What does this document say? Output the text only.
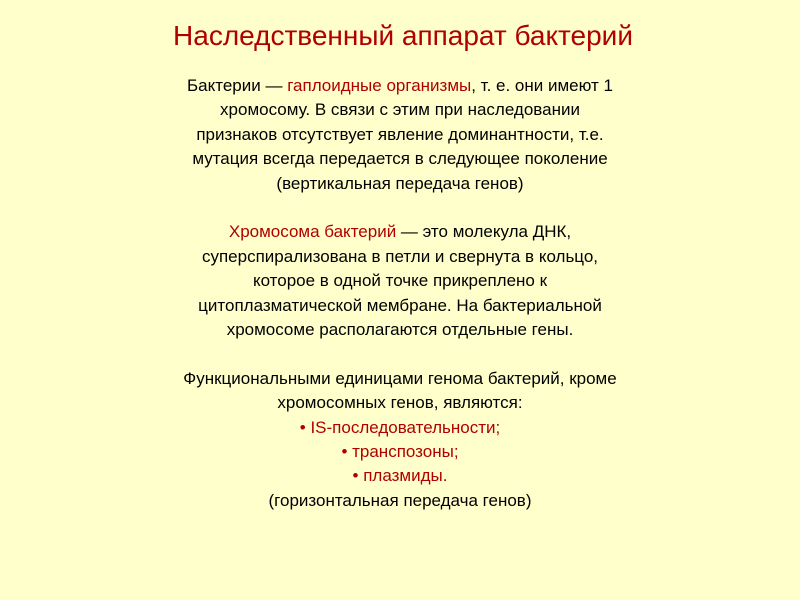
Наследственный аппарат бактерий
Бактерии — гаплоидные организмы, т. е. они имеют 1
хромосому. В связи с этим при наследовании
признаков отсутствует явление доминантности, т.е.
мутация всегда передается в следующее поколение
(вертикальная передача генов)
Хромосома бактерий — это молекула ДНК,
суперспирализована в петли и свернута в кольцо,
которое в одной точке прикреплено к
цитоплазматической мембране. На бактериальной
хромосоме располагаются отдельные гены.
Функциональными единицами генома бактерий, кроме
хромосомных генов, являются:
• IS-последовательности;
• транспозоны;
• плазмиды.
(горизонтальная передача генов)
